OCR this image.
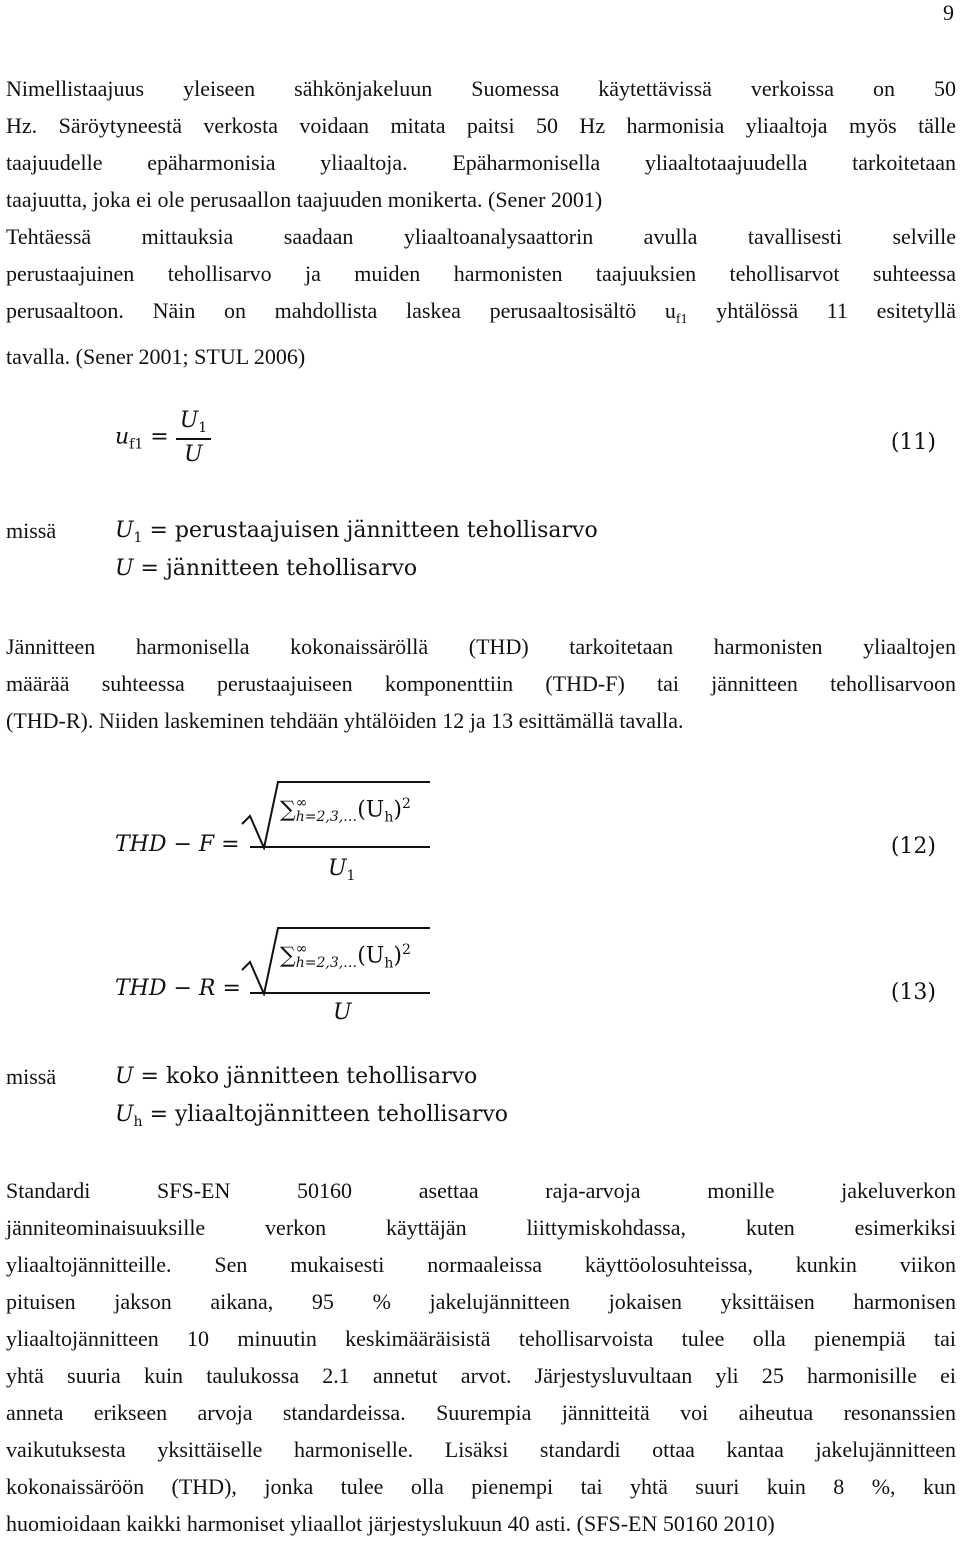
9
Nimellistaajuus yleiseen sähkönjakeluun Suomessa käytettävissä verkoissa on 50
Hz. Säröytyneestä verkosta voidaan mitata paitsi 50 Hz harmonisia yliaaltoja myös tälle
taajuudelle epäharmonisia yliaaltoja. Epäharmonisella yliaaltotaajuudella tarkoitetaan
taajuutta, joka ei ole perusaallon taajuuden monikerta. (Sener 2001)
Tehtäessä mittauksia saadaan yliaaltoanalysaattorin avulla tavallisesti selville
perustaajuinen tehollisarvo ja muiden harmonisten taajuuksien tehollisarvot suhteessa
perusaaltoon. Näin on mahdollista laskea perusaaltosisältö $u_{f1}$ yhtälössä 11 esitetyllä
tavalla. (Sener 2001; STUL 2006)
$u_{f1} = \frac{U_1}{U}$	(11)
missä	$U_1$ = perustaajuisen jännitteen tehollisarvo
U = jännitteen tehollisarvo
Jännitteen harmonisella kokonaissäröllä (THD) tarkoitetaan harmonisten yliaaltojen
määrää suhteessa perustaajuiseen komponenttiin (THD-F) tai jännitteen tehollisarvoon
(THD-R). Niiden laskeminen tehdään yhtälöiden 12 ja 13 esittämällä tavalla.
THD − F =
∑ ∞
h=2,3,… $(U_h)^2$
$U_1$
(12)
THD − R =
∑ ∞
h=2,3,… $(U_h)^2$
U
(13)
missä	U = koko jännitteen tehollisarvo
$U_h$ = yliaaltojännitteen tehollisarvo
Standardi SFS-EN 50160 asettaa raja-arvoja monille jakeluverkon
jänniteominaisuuksille verkon käyttäjän liittymiskohdassa, kuten esimerkiksi
yliaaltojännitteille. Sen mukaisesti normaaleissa käyttöolosuhteissa, kunkin viikon
pituisen jakson aikana, 95 % jakelujännitteen jokaisen yksittäisen harmonisen
yliaaltojännitteen 10 minuutin keskimääräisistä tehollisarvoista tulee olla pienempiä tai
yhtä suuria kuin taulukossa 2.1 annetut arvot. Järjestysluvultaan yli 25 harmonisille ei
anneta erikseen arvoja standardeissa. Suurempia jännitteitä voi aiheutua resonanssien
vaikutuksesta yksittäiselle harmoniselle. Lisäksi standardi ottaa kantaa jakelujännitteen
kokonaissäröön (THD), jonka tulee olla pienempi tai yhtä suuri kuin 8 %, kun
huomioidaan kaikki harmoniset yliaallot järjestyslukuun 40 asti. (SFS-EN 50160 2010)
